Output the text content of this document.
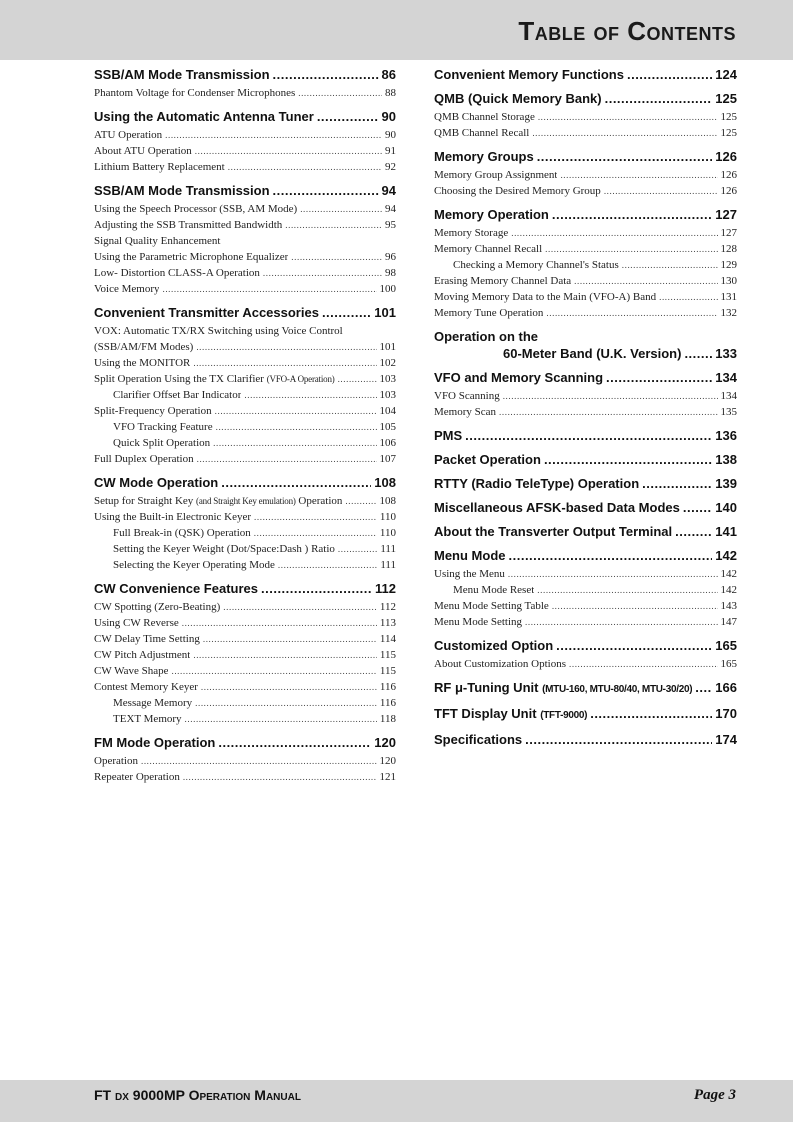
Table of Contents
SSB/AM Mode Transmission .....	86
Phantom Voltage for Condenser Microphones .....	88
Using the Automatic Antenna Tuner .....	90
ATU Operation .....	90
About ATU Operation .....	91
Lithium Battery Replacement .....	92
SSB/AM Mode Transmission .....	94
Using the Speech Processor (SSB, AM Mode) .....	94
Adjusting the SSB Transmitted Bandwidth .....	95
Signal Quality Enhancement
Using the Parametric Microphone Equalizer .....	96
Low- Distortion CLASS-A Operation .....	98
Voice Memory .....	100
Convenient Transmitter Accessories .....	101
VOX: Automatic TX/RX Switching using Voice Control
(SSB/AM/FM Modes) .....	101
Using the MONITOR .....	102
Split Operation Using the TX Clarifier (VFO-A Operation) .....	103
Clarifier Offset Bar Indicator .....	103
Split-Frequency Operation .....	104
VFO Tracking Feature .....	105
Quick Split Operation .....	106
Full Duplex Operation .....	107
CW Mode Operation .....	108
Setup for Straight Key (and Straight Key emulation) Operation .....	108
Using the Built-in Electronic Keyer .....	110
Full Break-in (QSK) Operation .....	110
Setting the Keyer Weight (Dot/Space:Dash ) Ratio .....	111
Selecting the Keyer Operating Mode .....	111
CW Convenience Features .....	112
CW Spotting (Zero-Beating) .....	112
Using CW Reverse .....	113
CW Delay Time Setting .....	114
CW Pitch Adjustment .....	115
CW Wave Shape .....	115
Contest Memory Keyer .....	116
Message Memory .....	116
TEXT Memory .....	118
FM Mode Operation .....	120
Operation .....	120
Repeater Operation .....	121
Convenient Memory Functions .....	124
QMB (Quick Memory Bank) .....	125
QMB Channel Storage .....	125
QMB Channel Recall .....	125
Memory Groups .....	126
Memory Group Assignment .....	126
Choosing the Desired Memory Group .....	126
Memory Operation .....	127
Memory Storage .....	127
Memory Channel Recall .....	128
Checking a Memory Channel's Status .....	129
Erasing Memory Channel Data .....	130
Moving Memory Data to the Main (VFO-A) Band .....	131
Memory Tune Operation .....	132
Operation on the
60-Meter Band (U.K. Version) .....	133
VFO and Memory Scanning .....	134
VFO Scanning .....	134
Memory Scan .....	135
PMS .....	136
Packet Operation .....	138
RTTY (Radio TeleType) Operation .....	139
Miscellaneous AFSK-based Data Modes .....	140
About the Transverter Output Terminal .....	141
Menu Mode .....	142
Using the Menu .....	142
Menu Mode Reset .....	142
Menu Mode Setting Table .....	143
Menu Mode Setting .....	147
Customized Option .....	165
About Customization Options .....	165
RF μ-Tuning Unit (MTU-160, MTU-80/40, MTU-30/20) ..... 166
TFT Display Unit (TFT-9000) .....	170
Specifications .....	174
FT DX 9000MP Operation Manual	Page 3
